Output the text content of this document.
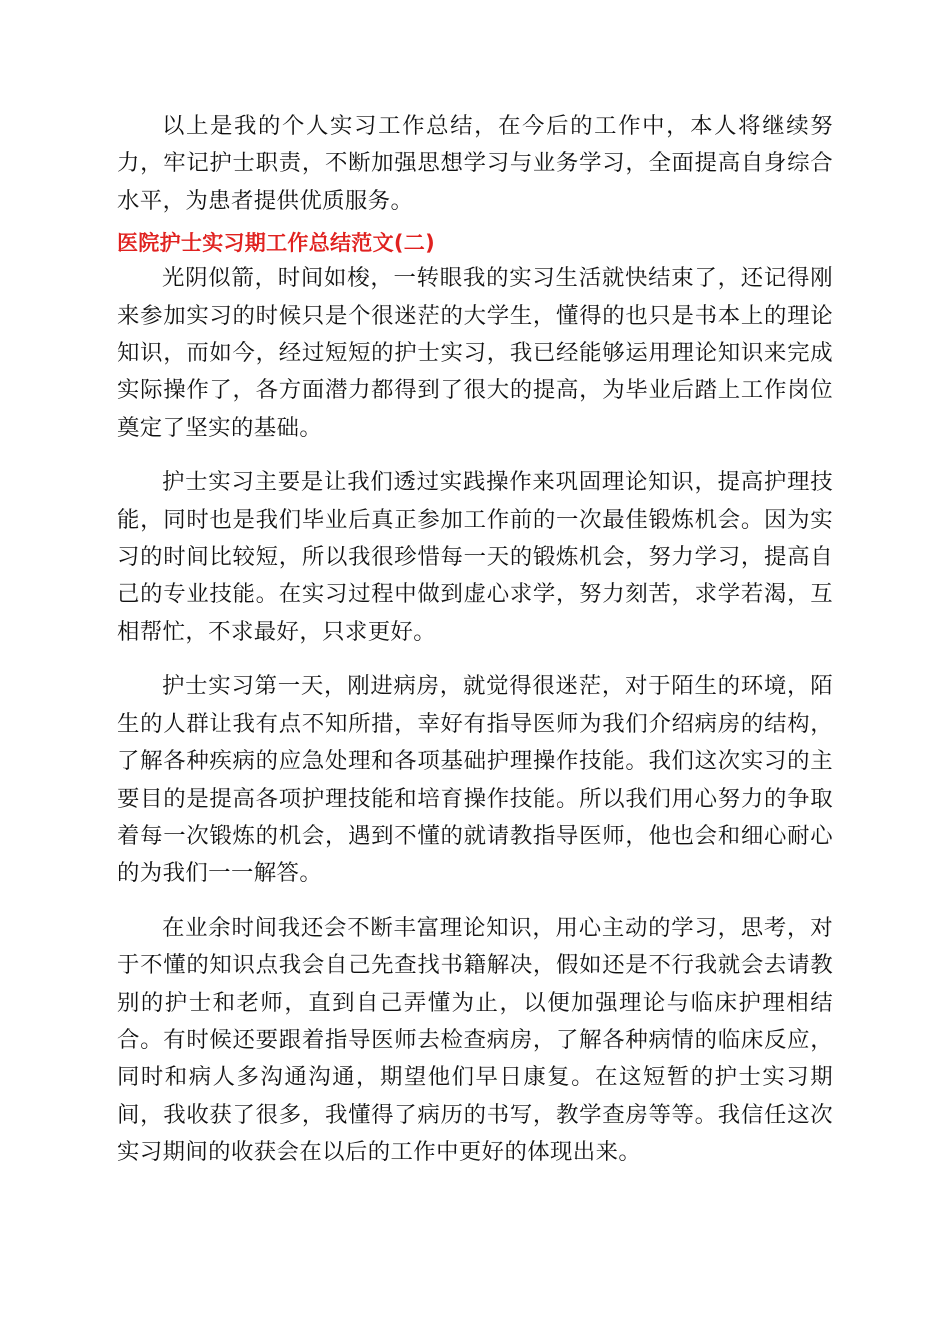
以上是我的个人实习工作总结，在今后的工作中，本人将继续努力，牢记护士职责，不断加强思想学习与业务学习，全面提高自身综合水平，为患者提供优质服务。

医院护士实习期工作总结范文(二)

光阴似箭，时间如梭，一转眼我的实习生活就快结束了，还记得刚来参加实习的时候只是个很迷茫的大学生，懂得的也只是书本上的理论知识，而如今，经过短短的护士实习，我已经能够运用理论知识来完成实际操作了，各方面潜力都得到了很大的提高，为毕业后踏上工作岗位奠定了坚实的基础。

护士实习主要是让我们透过实践操作来巩固理论知识，提高护理技能，同时也是我们毕业后真正参加工作前的一次最佳锻炼机会。因为实习的时间比较短，所以我很珍惜每一天的锻炼机会，努力学习，提高自己的专业技能。在实习过程中做到虚心求学，努力刻苦，求学若渴，互相帮忙，不求最好，只求更好。

护士实习第一天，刚进病房，就觉得很迷茫，对于陌生的环境，陌生的人群让我有点不知所措，幸好有指导医师为我们介绍病房的结构，了解各种疾病的应急处理和各项基础护理操作技能。我们这次实习的主要目的是提高各项护理技能和培育操作技能。所以我们用心努力的争取着每一次锻炼的机会，遇到不懂的就请教指导医师，他也会和细心耐心的为我们一一解答。

在业余时间我还会不断丰富理论知识，用心主动的学习，思考，对于不懂的知识点我会自己先查找书籍解决，假如还是不行我就会去请教别的护士和老师，直到自己弄懂为止，以便加强理论与临床护理相结合。有时候还要跟着指导医师去检查病房，了解各种病情的临床反应，同时和病人多沟通沟通，期望他们早日康复。在这短暂的护士实习期间，我收获了很多，我懂得了病历的书写，教学查房等等。我信任这次实习期间的收获会在以后的工作中更好的体现出来。
